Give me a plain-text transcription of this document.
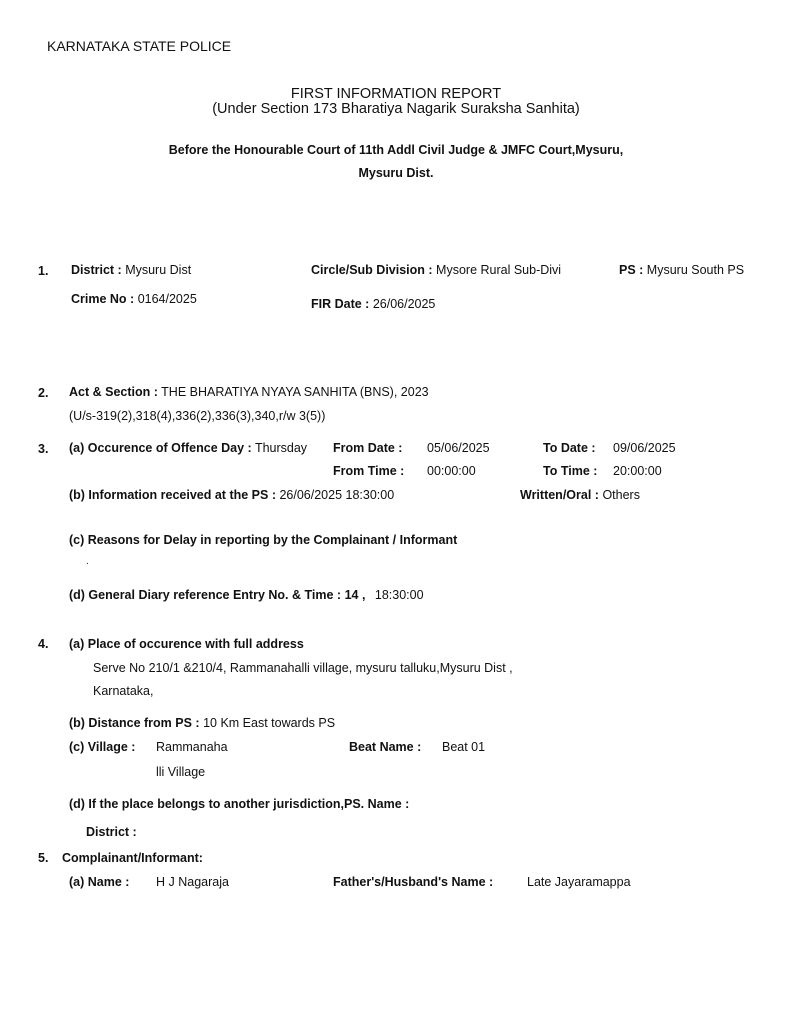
KARNATAKA STATE POLICE
FIRST INFORMATION REPORT
(Under Section 173 Bharatiya Nagarik Suraksha Sanhita)
Before the Honourable Court of 11th Addl Civil Judge & JMFC Court,Mysuru,
Mysuru Dist.
1. District : Mysuru Dist	Circle/Sub Division : Mysore Rural Sub-Divi	PS : Mysuru South PS
Crime No : 0164/2025	FIR Date : 26/06/2025
2. Act & Section : THE BHARATIYA NYAYA SANHITA (BNS), 2023
(U/s-319(2),318(4),336(2),336(3),340,r/w 3(5))
3. (a) Occurence of Offence Day : Thursday From Date : 05/06/2025	To Date : 09/06/2025
From Time : 00:00:00	To Time : 20:00:00
(b) Information received at the PS : 26/06/2025 18:30:00	Written/Oral : Others
(c) Reasons for Delay in reporting by the Complainant / Informant
.
(d) General Diary reference Entry No. & Time : 14 , 18:30:00
4. (a) Place of occurence with full address
Serve No 210/1 &210/4, Rammanahalli village, mysuru talluku,Mysuru Dist ,
Karnataka,
(b) Distance from PS : 10 Km East towards PS
(c) Village : Rammanaha
lli Village
Beat Name : Beat 01
(d) If the place belongs to another jurisdiction,PS. Name :
District :
5. Complainant/Informant:
(a) Name : H J Nagaraja	Father's/Husband's Name :	Late Jayaramappa
